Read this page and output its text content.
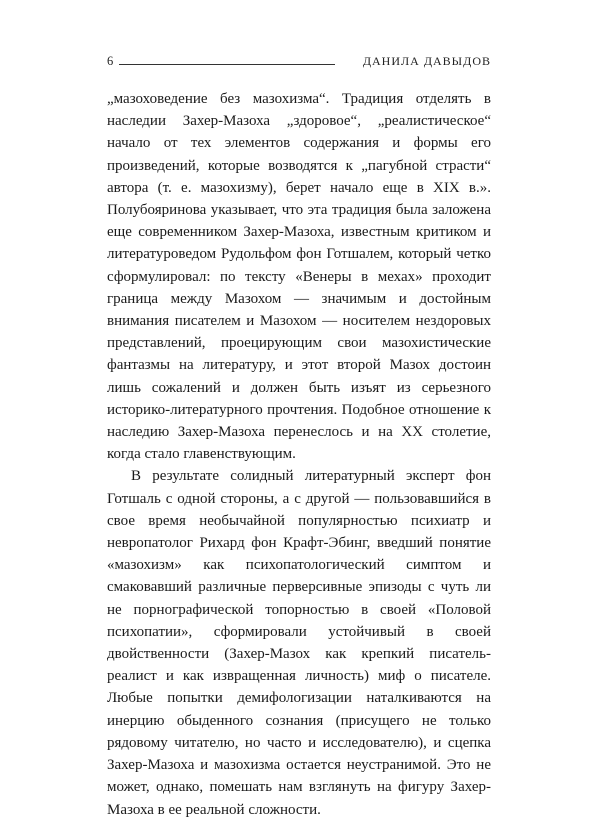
6	ДАНИЛА ДАВЫДОВ

„мазоховедение без мазохизма“. Традиция отделять в наследии Захер-Мазоха „здоровое“, „реалистическое“ начало от тех элементов содержания и формы его произведений, которые возводятся к „пагубной страсти“ автора (т. е. мазохизму), берет начало еще в XIX в.». Полубояринова указывает, что эта традиция была заложена еще современником Захер-Мазоха, известным критиком и литературоведом Рудольфом фон Готшалем, который четко сформулировал: по тексту «Венеры в мехах» проходит граница между Мазохом — значимым и достойным внимания писателем и Мазохом — носителем нездоровых представлений, проецирующим свои мазохистические фантазмы на литературу, и этот второй Мазох достоин лишь сожалений и должен быть изъят из серьезного историко-литературного прочтения. Подобное отношение к наследию Захер-Мазоха перенеслось и на XX столетие, когда стало главенствующим.

В результате солидный литературный эксперт фон Готшаль с одной стороны, а с другой — пользовавшийся в свое время необычайной популярностью психиатр и невропатолог Рихард фон Крафт-Эбинг, введший понятие «мазохизм» как психопатологический симптом и смаковавший различные перверсивные эпизоды с чуть ли не порнографической топорностью в своей «Половой психопатии», сформировали устойчивый в своей двойственности (Захер-Мазох как крепкий писатель-реалист и как извращенная личность) миф о писателе. Любые попытки демифологизации наталкиваются на инерцию обыденного сознания (присущего не только рядовому читателю, но часто и исследователю), и сцепка Захер-Мазоха и мазохизма остается неустранимой. Это не может, однако, помешать нам взглянуть на фигуру Захер-Мазоха в ее реальной сложности.
